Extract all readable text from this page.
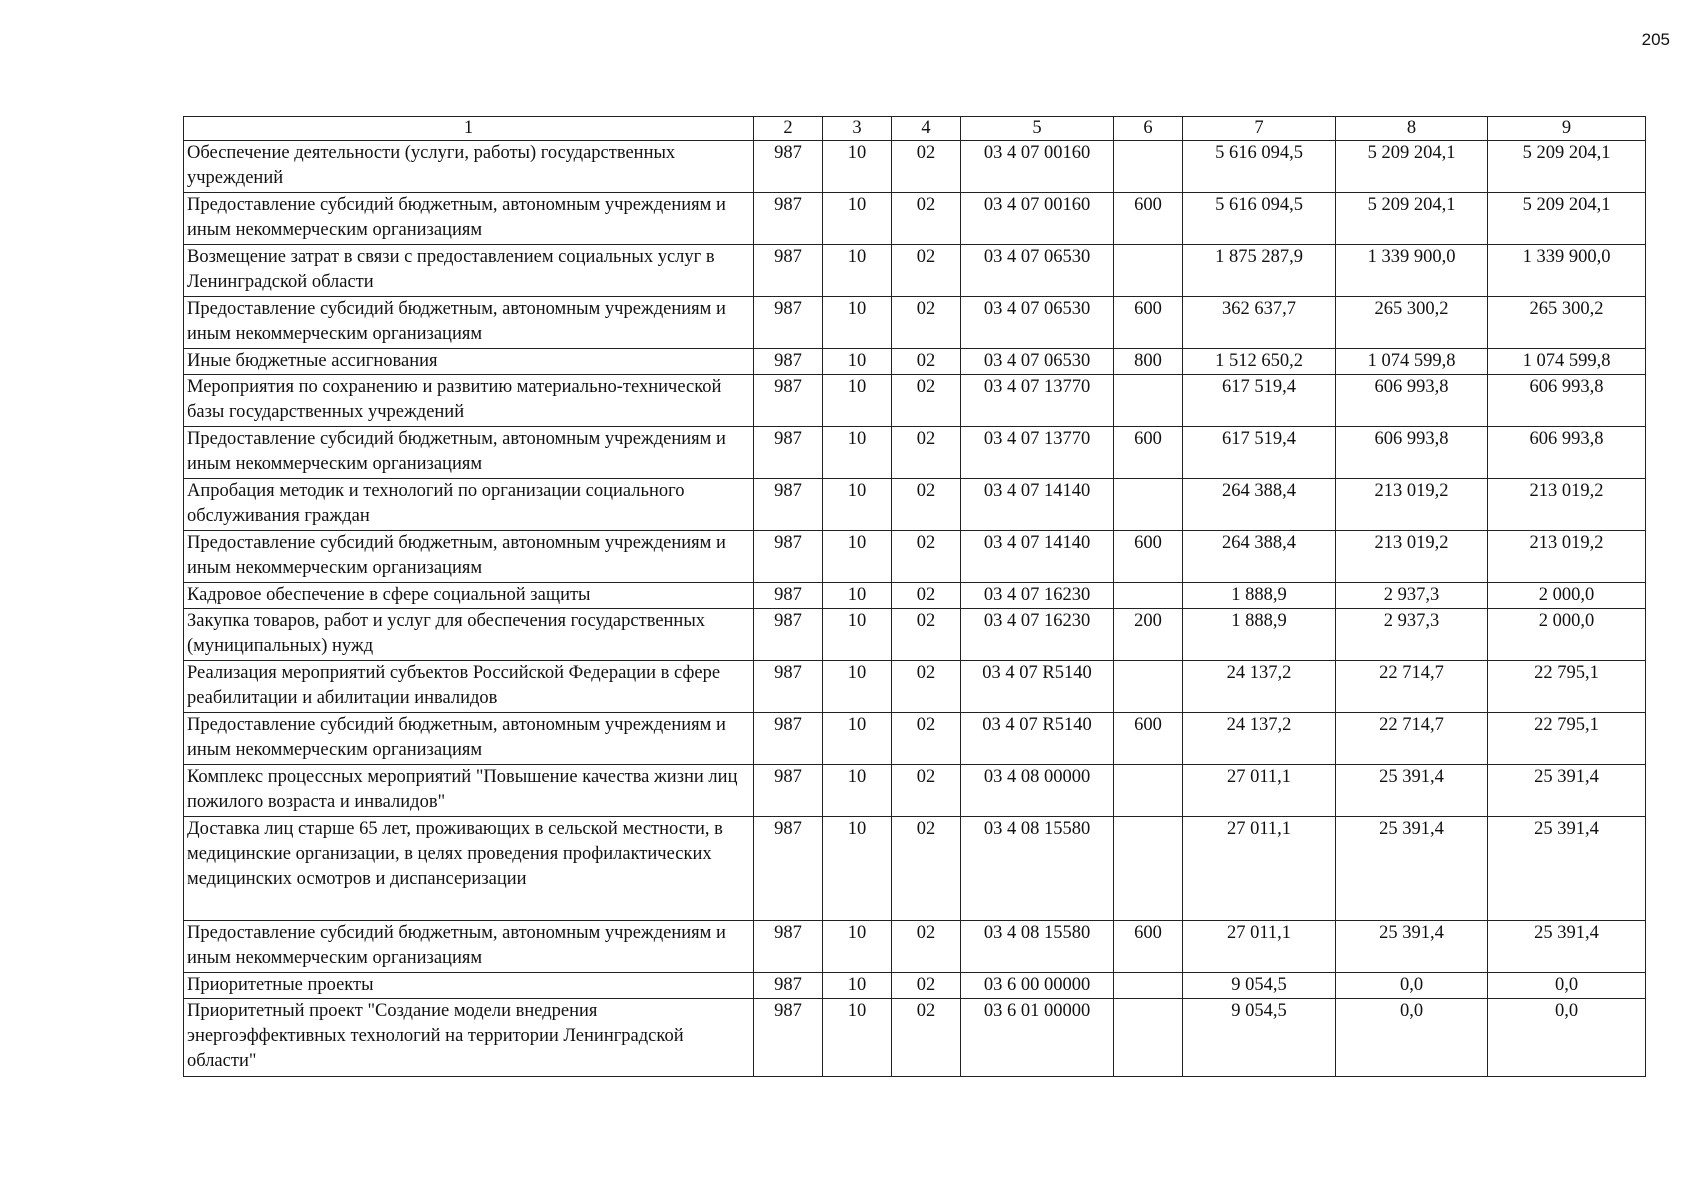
205
1	2	3	4	5	6	7	8	9
Обеспечение деятельности (услуги, работы) государственных учреждений	987	10	02	03 4 07 00160		5 616 094,5	5 209 204,1	5 209 204,1
Предоставление субсидий бюджетным, автономным учреждениям и иным некоммерческим организациям	987	10	02	03 4 07 00160	600	5 616 094,5	5 209 204,1	5 209 204,1
Возмещение затрат в связи с предоставлением социальных услуг в Ленинградской области	987	10	02	03 4 07 06530		1 875 287,9	1 339 900,0	1 339 900,0
Предоставление субсидий бюджетным, автономным учреждениям и иным некоммерческим организациям	987	10	02	03 4 07 06530	600	362 637,7	265 300,2	265 300,2
Иные бюджетные ассигнования	987	10	02	03 4 07 06530	800	1 512 650,2	1 074 599,8	1 074 599,8
Мероприятия по сохранению и развитию материально-технической базы государственных учреждений	987	10	02	03 4 07 13770		617 519,4	606 993,8	606 993,8
Предоставление субсидий бюджетным, автономным учреждениям и иным некоммерческим организациям	987	10	02	03 4 07 13770	600	617 519,4	606 993,8	606 993,8
Апробация методик и технологий по организации социального обслуживания граждан	987	10	02	03 4 07 14140		264 388,4	213 019,2	213 019,2
Предоставление субсидий бюджетным, автономным учреждениям и иным некоммерческим организациям	987	10	02	03 4 07 14140	600	264 388,4	213 019,2	213 019,2
Кадровое обеспечение в сфере социальной защиты	987	10	02	03 4 07 16230		1 888,9	2 937,3	2 000,0
Закупка товаров, работ и услуг для обеспечения государственных (муниципальных) нужд	987	10	02	03 4 07 16230	200	1 888,9	2 937,3	2 000,0
Реализация мероприятий субъектов Российской Федерации в сфере реабилитации и абилитации инвалидов	987	10	02	03 4 07 R5140		24 137,2	22 714,7	22 795,1
Предоставление субсидий бюджетным, автономным учреждениям и иным некоммерческим организациям	987	10	02	03 4 07 R5140	600	24 137,2	22 714,7	22 795,1
Комплекс процессных мероприятий "Повышение качества жизни лиц пожилого возраста и инвалидов"	987	10	02	03 4 08 00000		27 011,1	25 391,4	25 391,4
Доставка лиц старше 65 лет, проживающих в сельской местности, в медицинские организации, в целях проведения профилактических медицинских осмотров и диспансеризации	987	10	02	03 4 08 15580		27 011,1	25 391,4	25 391,4
Предоставление субсидий бюджетным, автономным учреждениям и иным некоммерческим организациям	987	10	02	03 4 08 15580	600	27 011,1	25 391,4	25 391,4
Приоритетные проекты	987	10	02	03 6 00 00000		9 054,5	0,0	0,0
Приоритетный проект "Создание модели внедрения энергоэффективных технологий на территории Ленинградской области"	987	10	02	03 6 01 00000		9 054,5	0,0	0,0
